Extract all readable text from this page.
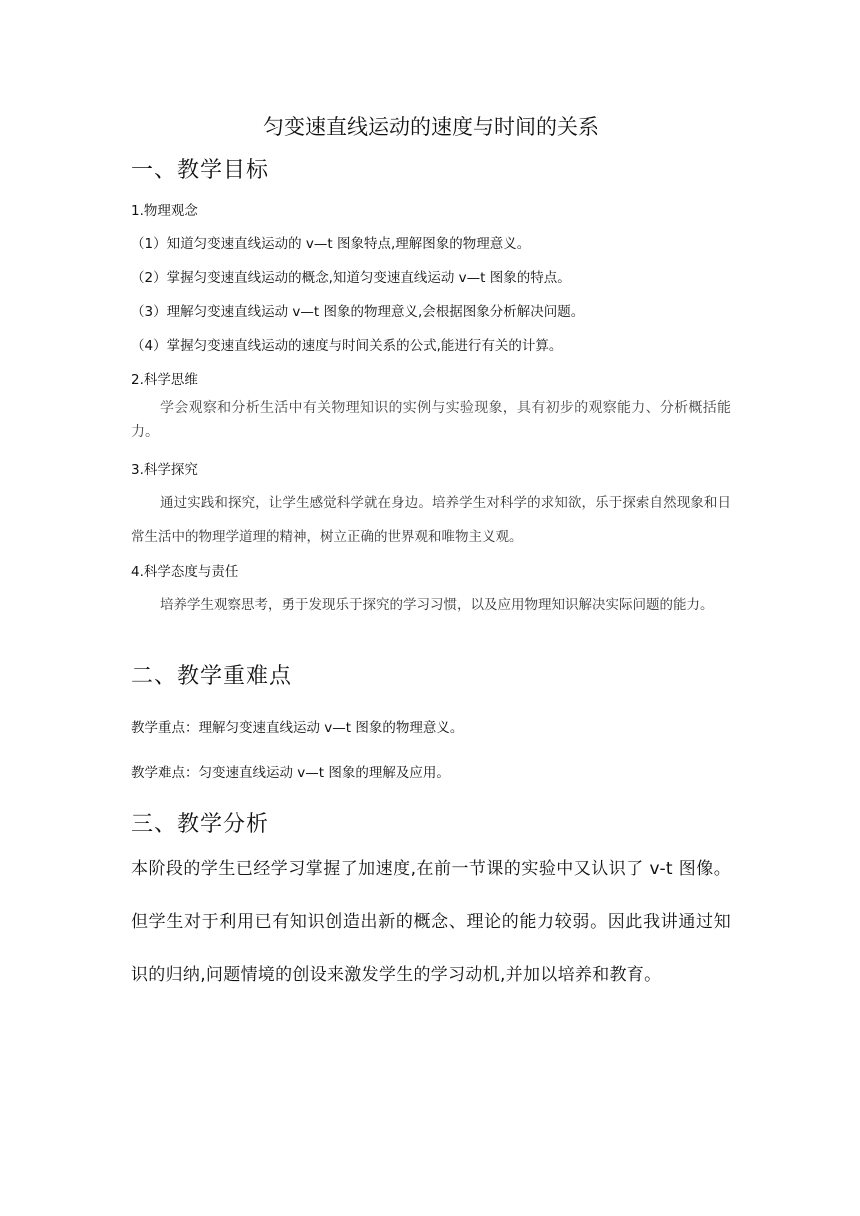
匀变速直线运动的速度与时间的关系
一、教学目标
1.物理观念

（1）知道匀变速直线运动的 v—t 图象特点,理解图象的物理意义。

（2）掌握匀变速直线运动的概念,知道匀变速直线运动 v—t 图象的特点。

（3）理解匀变速直线运动 v—t 图象的物理意义,会根据图象分析解决问题。

（4）掌握匀变速直线运动的速度与时间关系的公式,能进行有关的计算。

2.科学思维

学会观察和分析生活中有关物理知识的实例与实验现象，具有初步的观察能力、分析概括能力。

3.科学探究

通过实践和探究，让学生感觉科学就在身边。培养学生对科学的求知欲，乐于探索自然现象和日常生活中的物理学道理的精神，树立正确的世界观和唯物主义观。

4.科学态度与责任

培养学生观察思考，勇于发现乐于探究的学习习惯，以及应用物理知识解决实际问题的能力。

二、教学重难点

教学重点：理解匀变速直线运动 v—t 图象的物理意义。

教学难点：匀变速直线运动 v—t 图象的理解及应用。

三、教学分析

本阶段的学生已经学习掌握了加速度,在前一节课的实验中又认识了 v-t 图像。但学生对于利用已有知识创造出新的概念、理论的能力较弱。因此我讲通过知识的归纳,问题情境的创设来激发学生的学习动机,并加以培养和教育。
